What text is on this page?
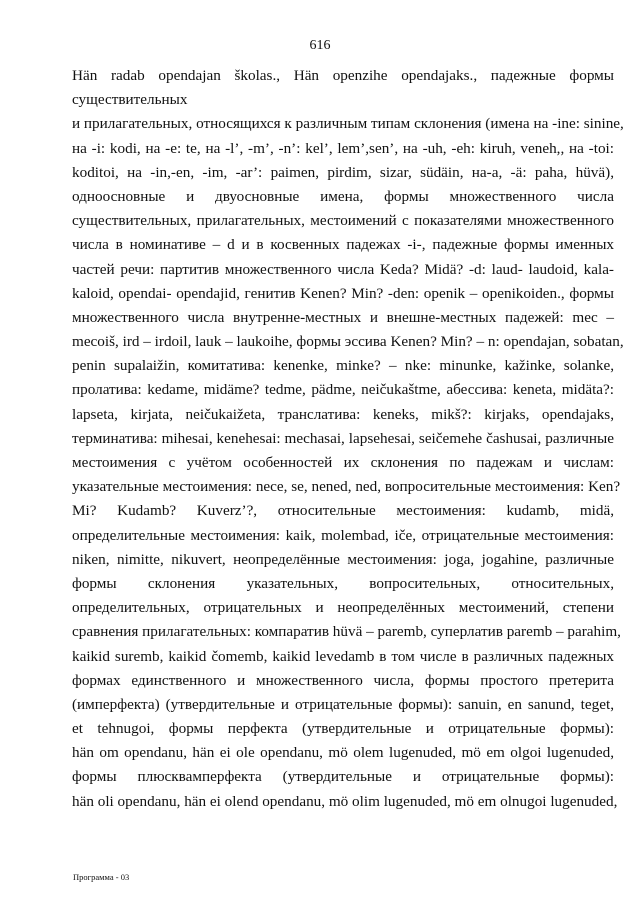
616
Hän radab opendajan školas., Hän openzihe opendajaks., падежные формы
существительных
и прилагательных, относящихся к различным типам склонения (имена на -ine: sinine,
на -i: kodi, на -e: te, на -l’, -m’, -n’: kel’, lem’,sen’, на -uh, -eh: kiruh, veneh,, на -toi:
koditoi, на -in,-en, -im, -ar’: paimen, pirdim, sizar, südäin, на-a, -ä: paha, hüvä),
одноосновные и двуосновные имена, формы множественного числа
существительных, прилагательных, местоимений с показателями множественного
числа в номинативе – d и в косвенных падежах -i-, падежные формы именных
частей речи: партитив множественного числа Keda? Midä? -d: laud- laudoid, kala-
kaloid, opendai- opendajid, генитив Kenen? Min? -den: openik – openikoiden., формы
множественного числа внутренне-местных и внешне-местных падежей: mec –
mecoiš, ird – irdoil, lauk – laukoihe, формы эссива Kenen? Min? – n: opendajan, sobatan,
penin supalaižin, комитатива: kenenke, minke? – nke: minunke, kažinke, solanke,
пролатива: kedame, midäme? tedme, pädme, neičukaštme, абессива: keneta, midäta?:
lapseta, kirjata, neičukaižeta, транслатива: keneks, mikš?: kirjaks, opendajaks,
терминатива: mihesai, kenehesai: mechasai, lapsehesai, seičemehe čashusai, различные
местоимения с учётом особенностей их склонения по падежам и числам:
указательные местоимения: nece, se, nened, ned, вопросительные местоимения: Ken?
Mi? Kudamb? Kuverz’?, относительные местоимения: kudamb, midä,
определительные местоимения: kaik, molembad, iče, отрицательные местоимения:
niken, nimitte, nikuvert, неопределённые местоимения: joga, jogahine, различные
формы склонения указательных, вопросительных, относительных,
определительных, отрицательных и неопределённых местоимений, степени
сравнения прилагательных: компаратив hüvä – paremb, суперлатив paremb – parahim,
kaikid suremb, kaikid čomemb, kaikid levedamb в том числе в различных падежных
формах единственного и множественного числа, формы простого претерита
(имперфекта) (утвердительные и отрицательные формы): sanuin, en sanund, teget,
et tehnugoi, формы перфекта (утвердительные и отрицательные формы):
hän om opendanu, hän ei ole opendanu, mö olem lugenuded, mö em olgoi lugenuded,
формы плюсквамперфекта (утвердительные и отрицательные формы):
hän oli opendanu, hän ei olend opendanu, mö olim lugenuded, mö em olnugoi lugenuded,
Программа - 03
